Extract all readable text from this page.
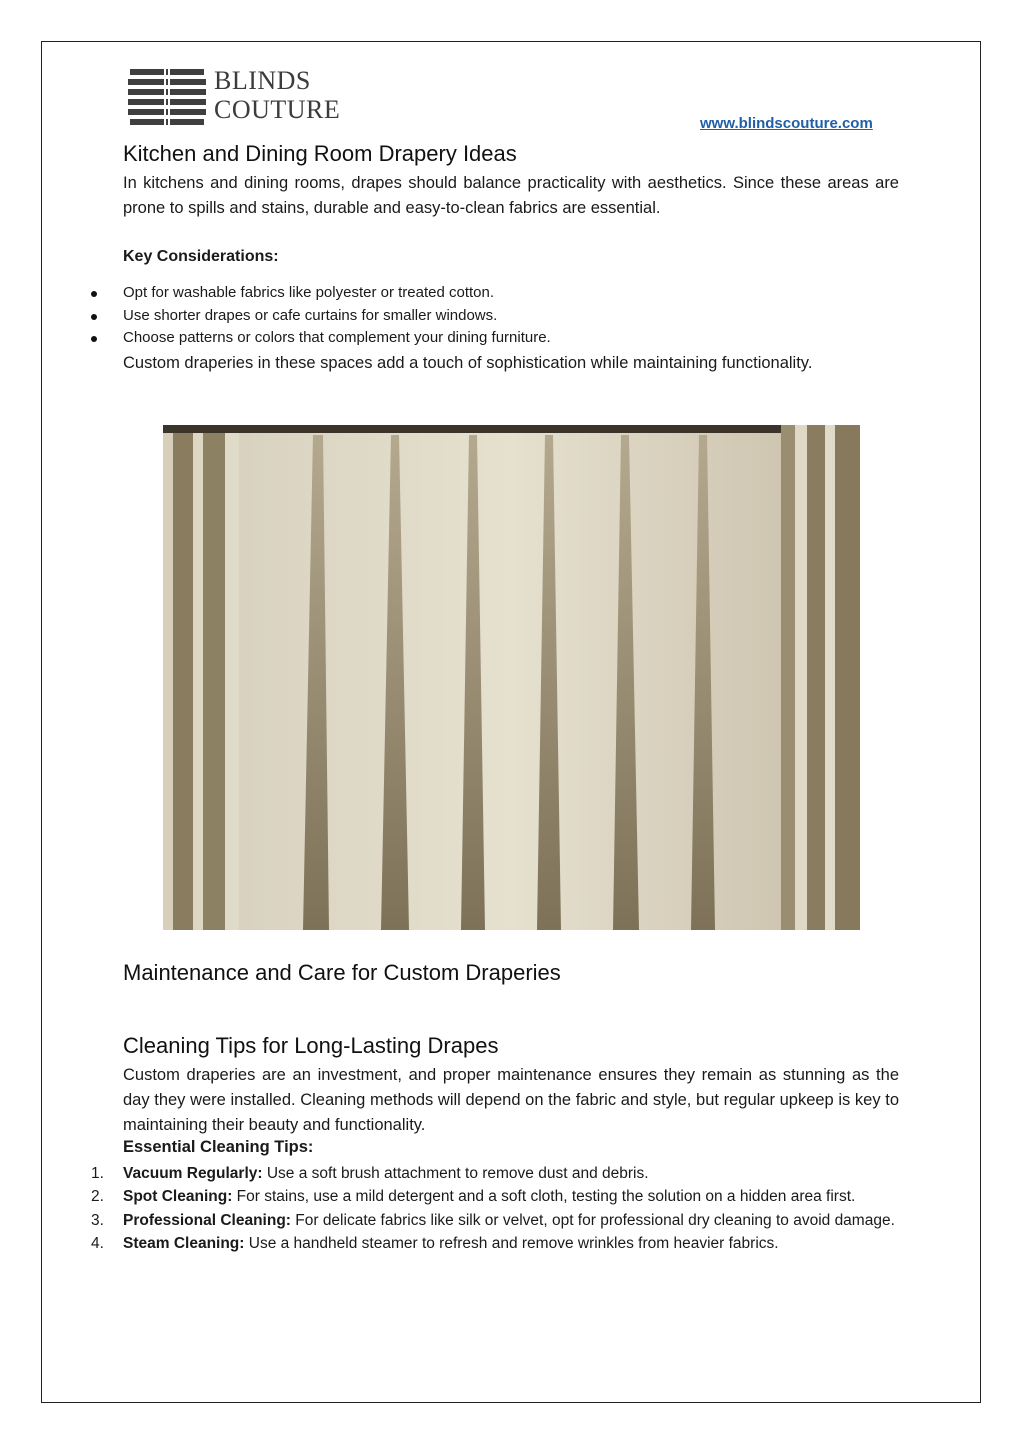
BLINDS
COUTURE	www.blindscouture.com
Kitchen and Dining Room Drapery Ideas

In kitchens and dining rooms, drapes should balance practicality with aesthetics. Since these areas are prone to spills and stains, durable and easy-to-clean fabrics are essential.

Key Considerations:
Opt for washable fabrics like polyester or treated cotton.
Use shorter drapes or cafe curtains for smaller windows.
Choose patterns or colors that complement your dining furniture.

Custom draperies in these spaces add a touch of sophistication while maintaining functionality.

Maintenance and Care for Custom Draperies
Cleaning Tips for Long-Lasting Drapes

Custom draperies are an investment, and proper maintenance ensures they remain as stunning as the day they were installed. Cleaning methods will depend on the fabric and style, but regular upkeep is key to maintaining their beauty and functionality.

Essential Cleaning Tips:
1. Vacuum Regularly: Use a soft brush attachment to remove dust and debris.
2. Spot Cleaning: For stains, use a mild detergent and a soft cloth, testing the solution on a hidden area first.
3. Professional Cleaning: For delicate fabrics like silk or velvet, opt for professional dry cleaning to avoid damage.
4. Steam Cleaning: Use a handheld steamer to refresh and remove wrinkles from heavier fabrics.
